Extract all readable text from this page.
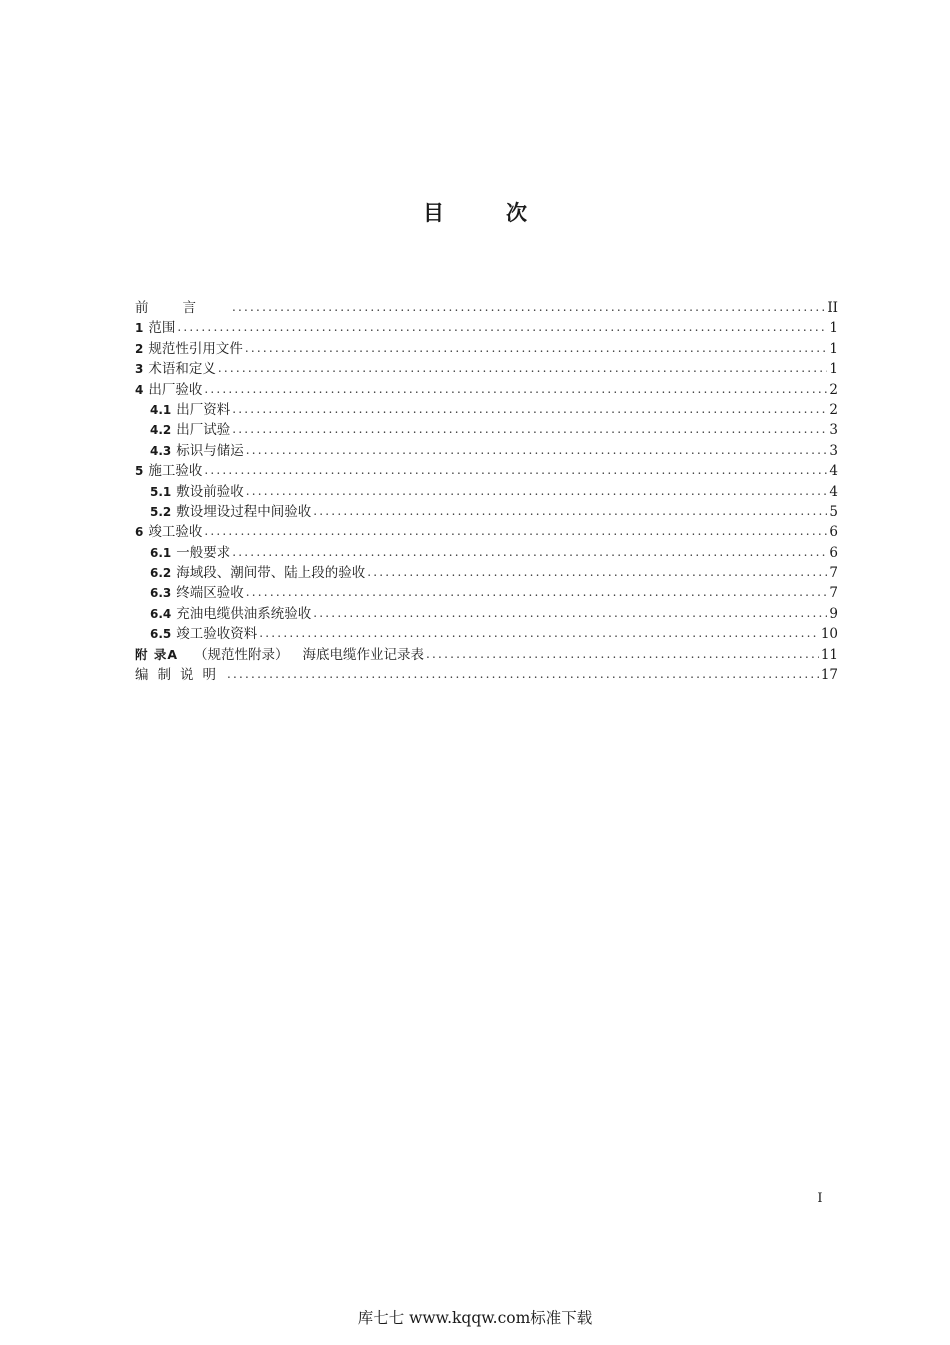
目次
前言 .....	II
1 范围 .....	1
2 规范性引用文件 .....	1
3 术语和定义 .....	1
4 出厂验收 .....	2
4.1 出厂资料 .....	2
4.2 出厂试验 .....	3
4.3 标识与储运 .....	3
5 施工验收 .....	4
5.1 敷设前验收 .....	4
5.2 敷设埋设过程中间验收 .....	5
6 竣工验收 .....	6
6.1 一般要求 .....	6
6.2 海域段、潮间带、陆上段的验收 .....	7
6.3 终端区验收 .....	7
6.4 充油电缆供油系统验收 .....	9
6.5 竣工验收资料 .....	10
附 录A （规范性附录） 海底电缆作业记录表 .....	11
编制说明 .....	17
I
库七七 www.kqqw.com标准下载
